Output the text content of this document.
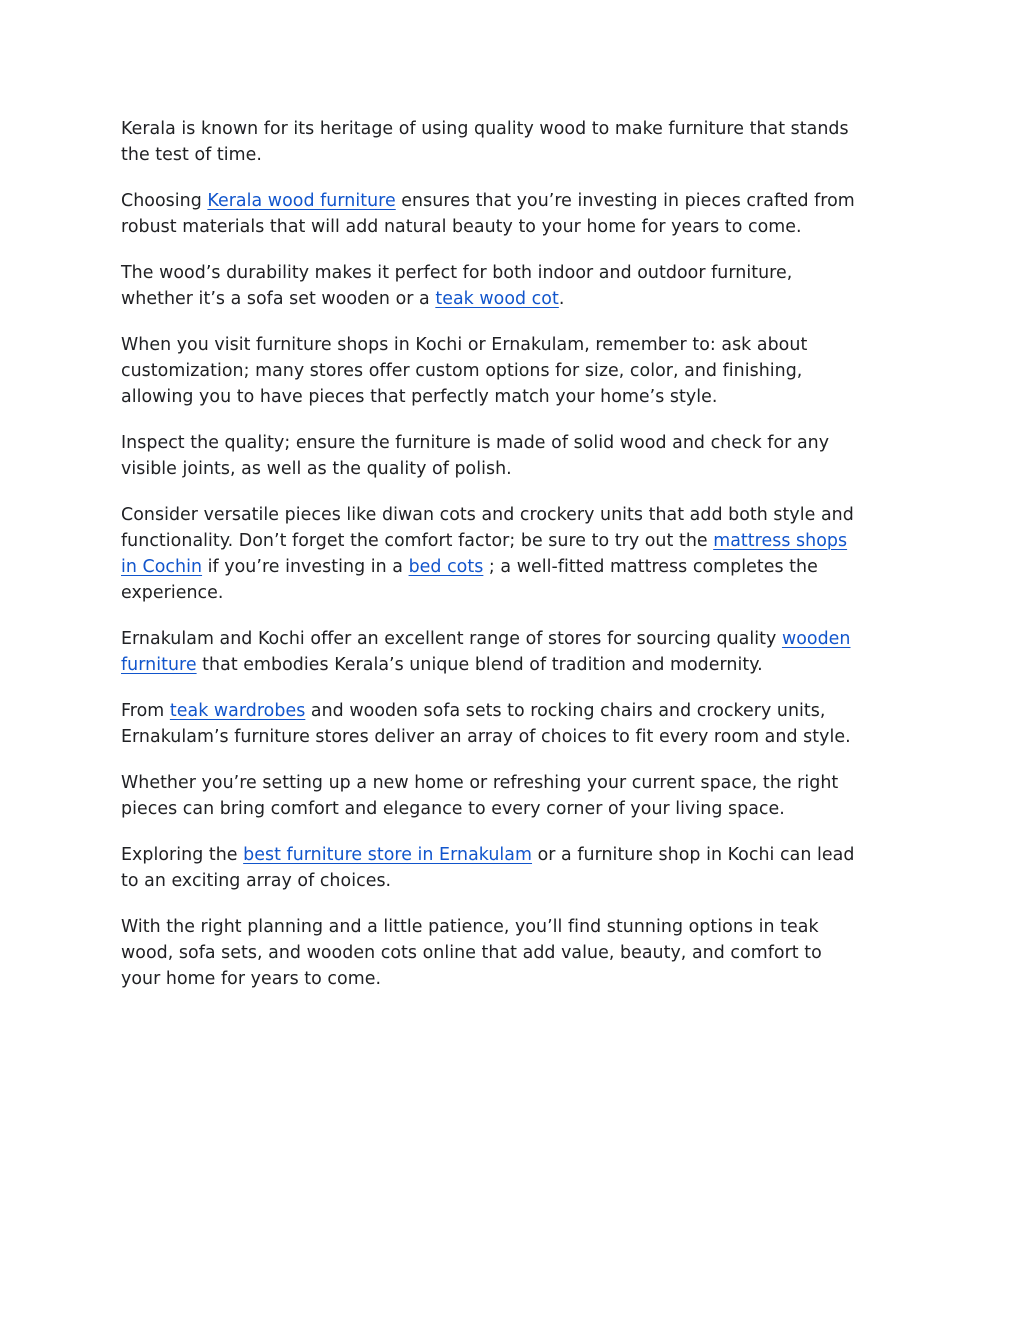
Kerala is known for its heritage of using quality wood to make furniture that stands
the test of time.

Choosing Kerala wood furniture ensures that you’re investing in pieces crafted from
robust materials that will add natural beauty to your home for years to come.

The wood’s durability makes it perfect for both indoor and outdoor furniture,
whether it’s a sofa set wooden or a teak wood cot.

When you visit furniture shops in Kochi or Ernakulam, remember to: ask about
customization; many stores offer custom options for size, color, and finishing,
allowing you to have pieces that perfectly match your home’s style.

Inspect the quality; ensure the furniture is made of solid wood and check for any
visible joints, as well as the quality of polish.

Consider versatile pieces like diwan cots and crockery units that add both style and
functionality. Don’t forget the comfort factor; be sure to try out the mattress shops
in Cochin if you’re investing in a bed cots ; a well-fitted mattress completes the
experience.

Ernakulam and Kochi offer an excellent range of stores for sourcing quality wooden
furniture that embodies Kerala’s unique blend of tradition and modernity.

From teak wardrobes and wooden sofa sets to rocking chairs and crockery units,
Ernakulam’s furniture stores deliver an array of choices to fit every room and style.

Whether you’re setting up a new home or refreshing your current space, the right
pieces can bring comfort and elegance to every corner of your living space.

Exploring the best furniture store in Ernakulam or a furniture shop in Kochi can lead
to an exciting array of choices.

With the right planning and a little patience, you’ll find stunning options in teak
wood, sofa sets, and wooden cots online that add value, beauty, and comfort to
your home for years to come.
